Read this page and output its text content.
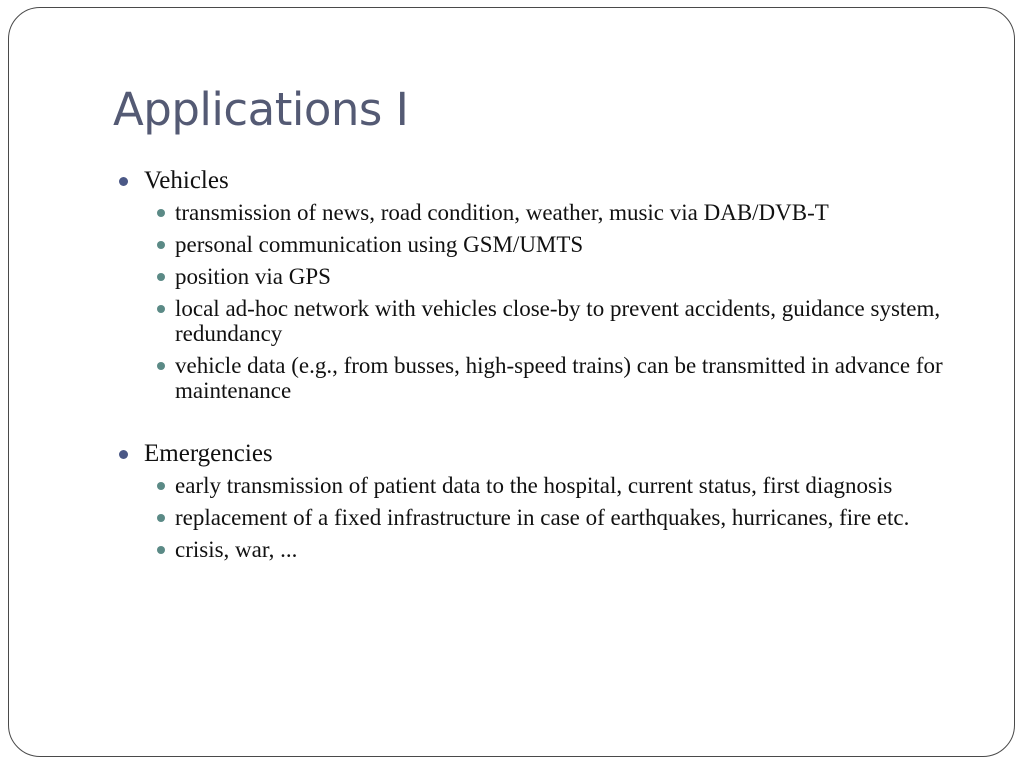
Applications I

Vehicles

transmission of news, road condition, weather, music via DAB/DVB-T

personal communication using GSM/UMTS

position via GPS

local ad-hoc network with vehicles close-by to prevent accidents, guidance system, redundancy

vehicle data (e.g., from busses, high-speed trains) can be transmitted in advance for maintenance

Emergencies

early transmission of patient data to the hospital, current status, first diagnosis

replacement of a fixed infrastructure in case of earthquakes, hurricanes, fire etc.

crisis, war, ...
